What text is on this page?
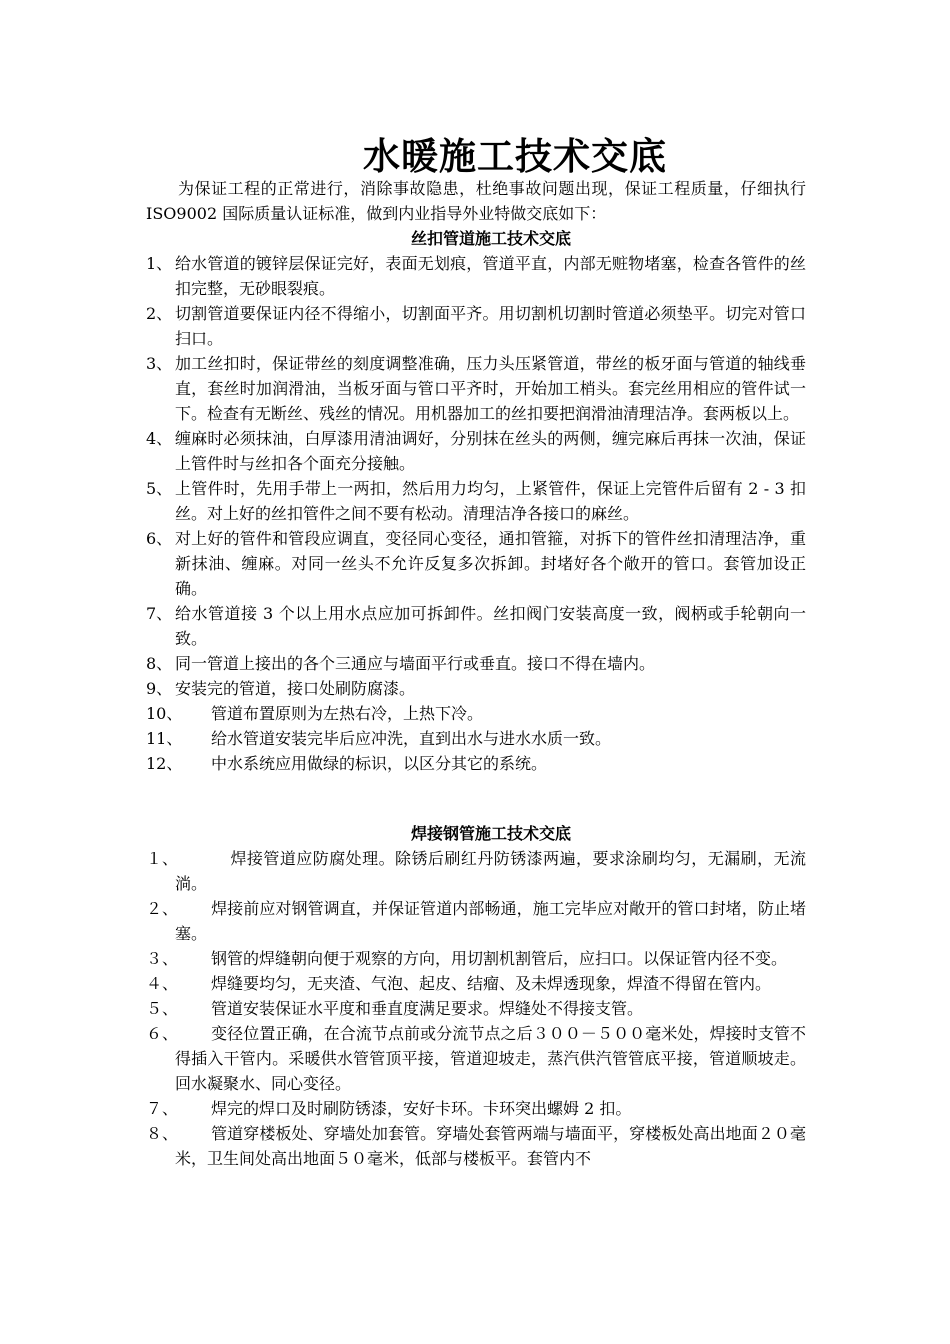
水暖施工技术交底
为保证工程的正常进行，消除事故隐患，杜绝事故问题出现，保证工程质量，仔细执行 ISO9002 国际质量认证标准，做到内业指导外业特做交底如下：
丝扣管道施工技术交底
1、 给水管道的镀锌层保证完好，表面无划痕，管道平直，内部无赃物堵塞，检查各管件的丝扣完整，无砂眼裂痕。
2、 切割管道要保证内径不得缩小，切割面平齐。用切割机切割时管道必须垫平。切完对管口扫口。
3、 加工丝扣时，保证带丝的刻度调整准确，压力头压紧管道，带丝的板牙面与管道的轴线垂直，套丝时加润滑油，当板牙面与管口平齐时，开始加工梢头。套完丝用相应的管件试一下。检查有无断丝、残丝的情况。用机器加工的丝扣要把润滑油清理洁净。套两板以上。
4、 缠麻时必须抹油，白厚漆用清油调好，分别抹在丝头的两侧，缠完麻后再抹一次油，保证上管件时与丝扣各个面充分接触。
5、 上管件时，先用手带上一两扣，然后用力均匀，上紧管件，保证上完管件后留有 2 - 3 扣丝。对上好的丝扣管件之间不要有松动。清理洁净各接口的麻丝。
6、 对上好的管件和管段应调直，变径同心变径，通扣管箍，对拆下的管件丝扣清理洁净，重新抹油、缠麻。对同一丝头不允许反复多次拆卸。封堵好各个敞开的管口。套管加设正确。
7、 给水管道接 3 个以上用水点应加可拆卸件。丝扣阀门安装高度一致，阀柄或手轮朝向一致。
8、 同一管道上接出的各个三通应与墙面平行或垂直。接口不得在墙内。
9、 安装完的管道，接口处刷防腐漆。
10、 管道布置原则为左热右冷，上热下冷。
11、 给水管道安装完毕后应冲洗，直到出水与进水水质一致。
12、 中水系统应用做绿的标识，以区分其它的系统。
焊接钢管施工技术交底
１、	焊接管道应防腐处理。除锈后刷红丹防锈漆两遍，要求涂刷均匀，无漏刷，无流淌。
２、 焊接前应对钢管调直，并保证管道内部畅通，施工完毕应对敞开的管口封堵，防止堵塞。
３、 钢管的焊缝朝向便于观察的方向，用切割机割管后，应扫口。以保证管内径不变。
４、 焊缝要均匀，无夹渣、气泡、起皮、结瘤、及未焊透现象，焊渣不得留在管内。
５、 管道安装保证水平度和垂直度满足要求。焊缝处不得接支管。
６、 变径位置正确，在合流节点前或分流节点之后３００－５００毫米处，焊接时支管不得插入干管内。采暖供水管管顶平接，管道迎坡走，蒸汽供汽管管底平接，管道顺坡走。回水凝聚水、同心变径。
７、 焊完的焊口及时刷防锈漆，安好卡环。卡环突出螺姆 2 扣。
８、 管道穿楼板处、穿墙处加套管。穿墙处套管两端与墙面平，穿楼板处高出地面２０毫米，卫生间处高出地面５０毫米，低部与楼板平。套管内不
